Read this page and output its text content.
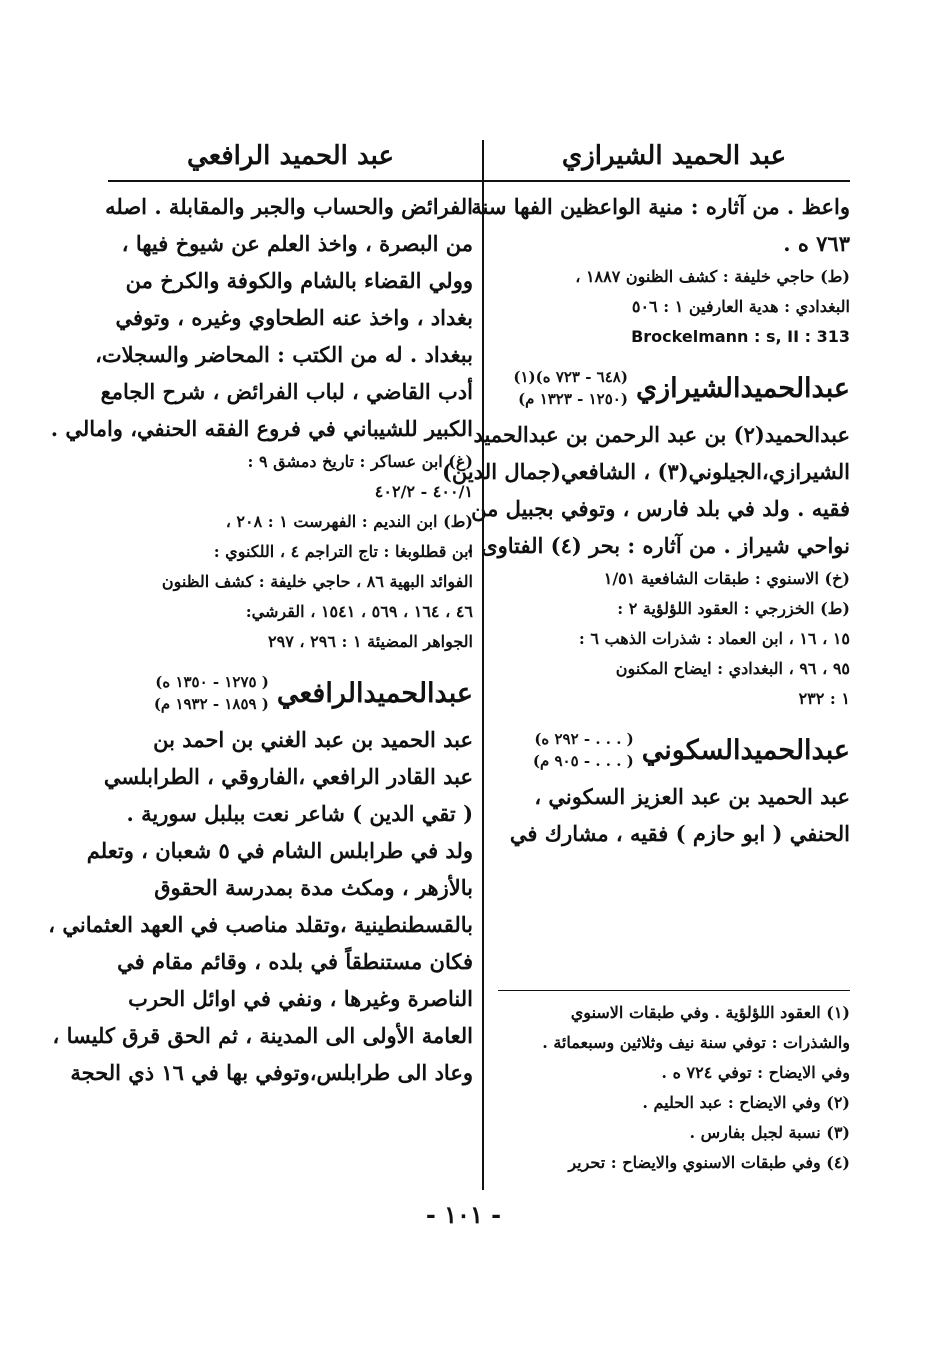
عبد الحميد الشيرازي
عبد الحميد الرافعي
واعظ . من آثاره : منية الواعظين الفها سنة
٧٦٣ ه .
(ط) حاجي خليفة : كشف الظنون ١٨٨٧ ،
البغدادي : هدية العارفين ١ : ٥٠٦
Brockelmann : s, II : 313
عبدالحميدالشيرازي
(٦٤٨ - ٧٢٣ ه)(١)
(١٢٥٠ - ١٣٢٣ م)
عبدالحميد(٢) بن عبد الرحمن بن عبدالحميد
الشيرازي،الجيلوني(٣) ، الشافعي(جمال الدين)
فقيه . ولد في بلد فارس ، وتوفي بجبيل من
نواحي شيراز . من آثاره : بحر (٤) الفتاوى .
(خ) الاسنوي : طبقات الشافعية ١/٥١
(ط) الخزرجي : العقود اللؤلؤية ٢ :
١٥ ، ١٦ ، ابن العماد : شذرات الذهب ٦ :
٩٥ ، ٩٦ ، البغدادي : ايضاح المكنون
١ : ٢٣٢
عبدالحميدالسكوني
( . . . - ٢٩٢ ه)
( . . . - ٩٠٥ م)
عبد الحميد بن عبد العزيز السكوني ،
الحنفي ( ابو حازم ) فقيه ، مشارك في
(١) العقود اللؤلؤية . وفي طبقات الاسنوي
والشذرات : توفي سنة نيف وثلاثين وسبعمائة .
وفي الايضاح : توفي ٧٢٤ ه .
(٢) وفي الايضاح : عبد الحليم .
(٣) نسبة لجبل بفارس .
(٤) وفي طبقات الاسنوي والايضاح : تحرير
الفرائض والحساب والجبر والمقابلة . اصله
من البصرة ، واخذ العلم عن شيوخ فيها ،
وولي القضاء بالشام والكوفة والكرخ من
بغداد ، واخذ عنه الطحاوي وغيره ، وتوفي
ببغداد . له من الكتب : المحاضر والسجلات،
أدب القاضي ، لباب الفرائض ، شرح الجامع
الكبير للشيباني في فروع الفقه الحنفي، وامالي .
(غ) ابن عساكر : تاريخ دمشق ٩ :
٤٠٠/١ - ٤٠٢/٢
(ط) ابن النديم : الفهرست ١ : ٢٠٨ ،
ابن قطلوبغا : تاج التراجم ٤ ، اللكنوي :
الفوائد البهية ٨٦ ، حاجي خليفة : كشف الظنون
٤٦ ، ١٦٤ ، ٥٦٩ ، ١٥٤١ ، القرشي:
الجواهر المضيئة ١ : ٢٩٦ ، ٢٩٧
عبدالحميدالرافعي
( ١٢٧٥ - ١٣٥٠ ه)
( ١٨٥٩ - ١٩٣٢ م)
عبد الحميد بن عبد الغني بن احمد بن
عبد القادر الرافعي ،الفاروقي ، الطرابلسي
( تقي الدين ) شاعر نعت ببلبل سورية .
ولد في طرابلس الشام في ٥ شعبان ، وتعلم
بالأزهر ، ومكث مدة بمدرسة الحقوق
بالقسطنطينية ،وتقلد مناصب في العهد العثماني ،
فكان مستنطقاً في بلده ، وقائم مقام في
الناصرة وغيرها ، ونفي في اوائل الحرب
العامة الأولى الى المدينة ، ثم الحق قرق كليسا ،
وعاد الى طرابلس،وتوفي بها في ١٦ ذي الحجة
- ١٠١ -
